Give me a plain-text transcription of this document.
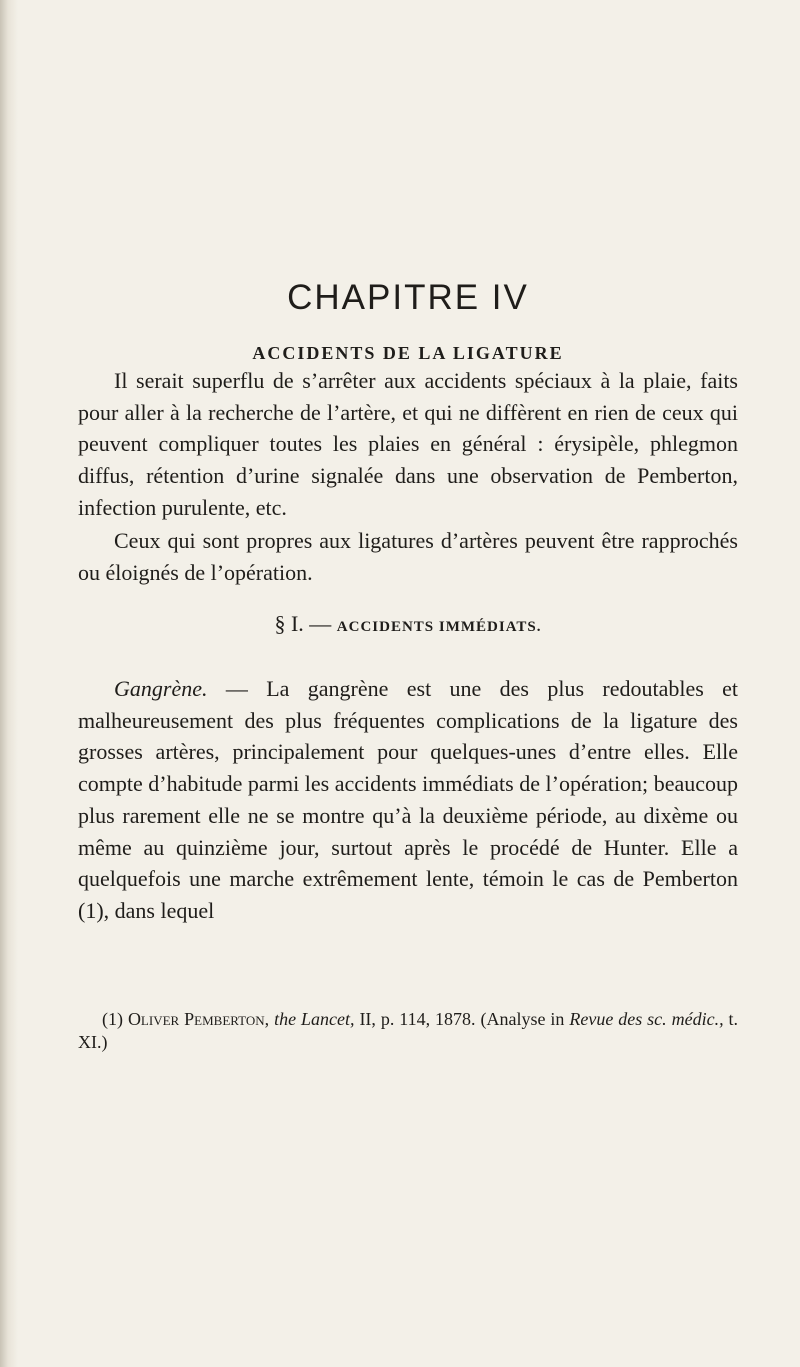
CHAPITRE IV
ACCIDENTS DE LA LIGATURE

Il serait superflu de s’arrêter aux accidents spéciaux à la plaie, faits pour aller à la recherche de l’artère, et qui ne diffèrent en rien de ceux qui peuvent compliquer toutes les plaies en général : érysipèle, phlegmon diffus, rétention d’urine signalée dans une observation de Pemberton, infection purulente, etc.

Ceux qui sont propres aux ligatures d’artères peuvent être rapprochés ou éloignés de l’opération.

§ I. — ACCIDENTS IMMÉDIATS.

Gangrène. — La gangrène est une des plus redoutables et malheureusement des plus fréquentes complications de la ligature des grosses artères, principalement pour quelques-unes d’entre elles. Elle compte d’habitude parmi les accidents immédiats de l’opération; beaucoup plus rarement elle ne se montre qu’à la deuxième période, au dixème ou même au quinzième jour, surtout après le procédé de Hunter. Elle a quelquefois une marche extrêmement lente, témoin le cas de Pemberton (1), dans lequel

(1) Oliver Pemberton, the Lancet, II, p. 114, 1878. (Analyse in Revue des sc. médic., t. XI.)
